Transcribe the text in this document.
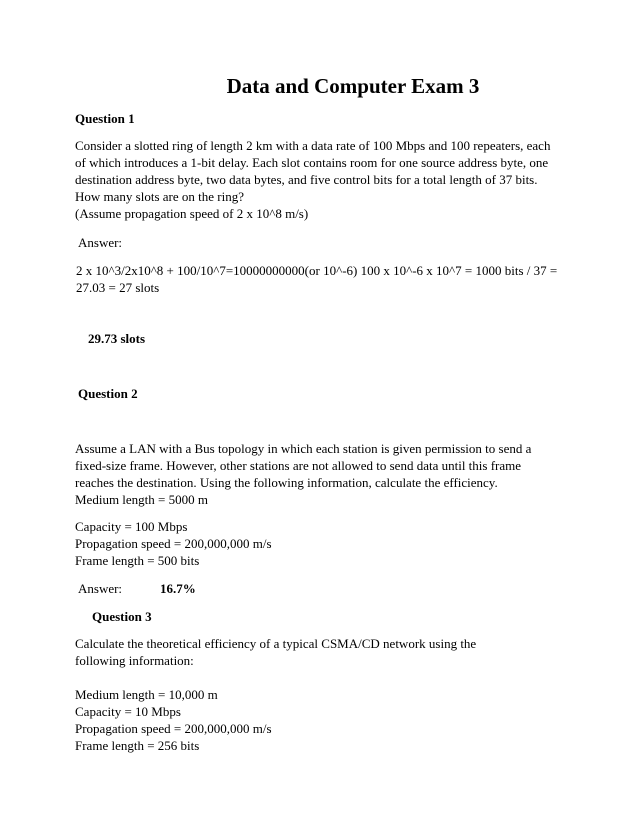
Data and Computer Exam 3
Question 1
Consider a slotted ring of length 2 km with a data rate of 100 Mbps and 100 repeaters, each of which introduces a 1-bit delay. Each slot contains room for one source address byte, one destination address byte, two data bytes, and five control bits for a total length of 37 bits. How many slots are on the ring?
(Assume propagation speed of 2 x 10^8 m/s)
Answer:
2 x 10^3/2x10^8 + 100/10^7=10000000000(or 10^-6) 100 x 10^-6 x 10^7 = 1000 bits / 37 =
27.03 = 27 slots
29.73 slots
Question 2
Assume a LAN with a Bus topology in which each station is given permission to send a fixed-size frame. However, other stations are not allowed to send data until this frame reaches the destination. Using the following information, calculate the efficiency.
Medium length = 5000 m
Capacity = 100 Mbps
Propagation speed = 200,000,000 m/s
Frame length = 500 bits
Answer:	16.7%
Question 3
Calculate the theoretical efficiency of a typical CSMA/CD network using the following information:
Medium length = 10,000 m
Capacity = 10 Mbps
Propagation speed = 200,000,000 m/s
Frame length = 256 bits
